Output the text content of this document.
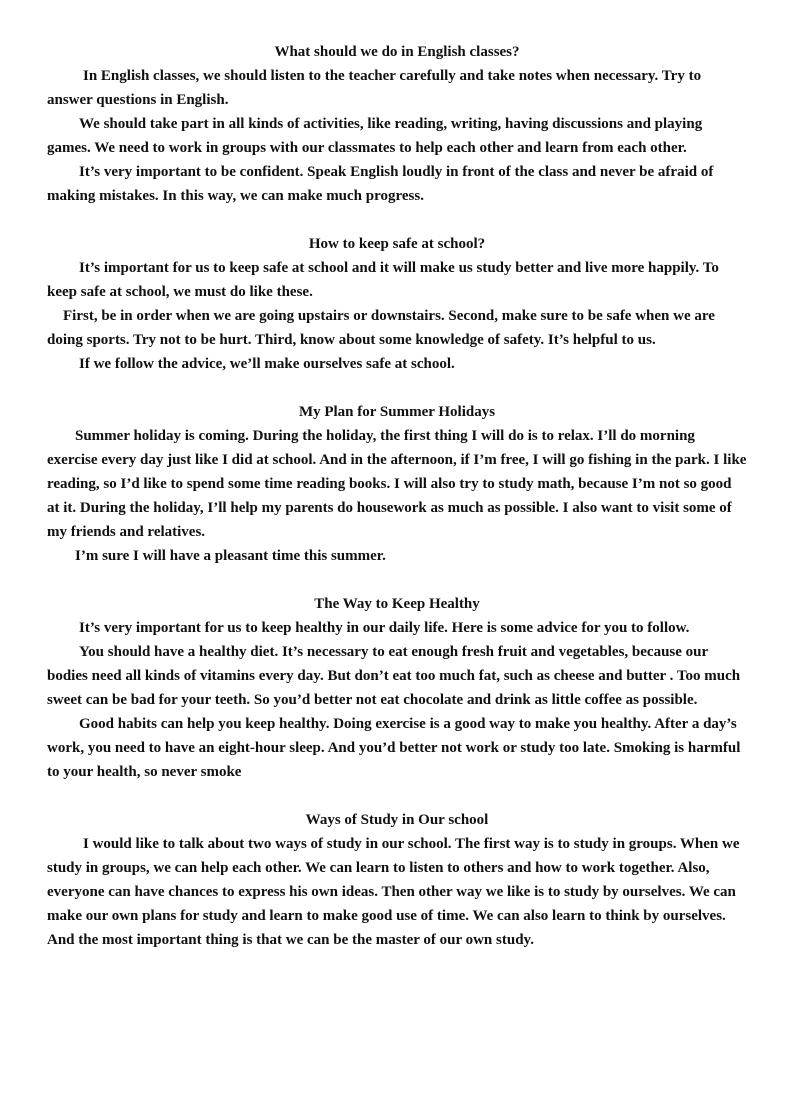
What should we do in English classes?

In English classes, we should listen to the teacher carefully and take notes when necessary. Try to answer questions in English.

We should take part in all kinds of activities, like reading, writing, having discussions and playing games. We need to work in groups with our classmates to help each other and learn from each other.

It’s very important to be confident. Speak English loudly in front of the class and never be afraid of making mistakes. In this way, we can make much progress.

How to keep safe at school?

It’s important for us to keep safe at school and it will make us study better and live more happily. To keep safe at school, we must do like these.

First, be in order when we are going upstairs or downstairs. Second, make sure to be safe when we are doing sports. Try not to be hurt. Third, know about some knowledge of safety. It’s helpful to us.

If we follow the advice, we’ll make ourselves safe at school.

My Plan for Summer Holidays

Summer holiday is coming. During the holiday, the first thing I will do is to relax. I’ll do morning exercise every day just like I did at school. And in the afternoon, if I’m free, I will go fishing in the park. I like reading, so I’d like to spend some time reading books. I will also try to study math, because I’m not so good at it. During the holiday, I’ll help my parents do housework as much as possible. I also want to visit some of my friends and relatives.

I’m sure I will have a pleasant time this summer.

The Way to Keep Healthy

It’s very important for us to keep healthy in our daily life. Here is some advice for you to follow.

You should have a healthy diet. It’s necessary to eat enough fresh fruit and vegetables, because our bodies need all kinds of vitamins every day. But don’t eat too much fat, such as cheese and butter . Too much sweet can be bad for your teeth. So you’d better not eat chocolate and drink as little coffee as possible.

Good habits can help you keep healthy. Doing exercise is a good way to make you healthy. After a day’s work, you need to have an eight-hour sleep. And you’d better not work or study too late. Smoking is harmful to your health, so never smoke

Ways of Study in Our school

I would like to talk about two ways of study in our school. The first way is to study in groups. When we study in groups, we can help each other. We can learn to listen to others and how to work together. Also, everyone can have chances to express his own ideas. Then other way we like is to study by ourselves. We can make our own plans for study and learn to make good use of time. We can also learn to think by ourselves. And the most important thing is that we can be the master of our own study.
